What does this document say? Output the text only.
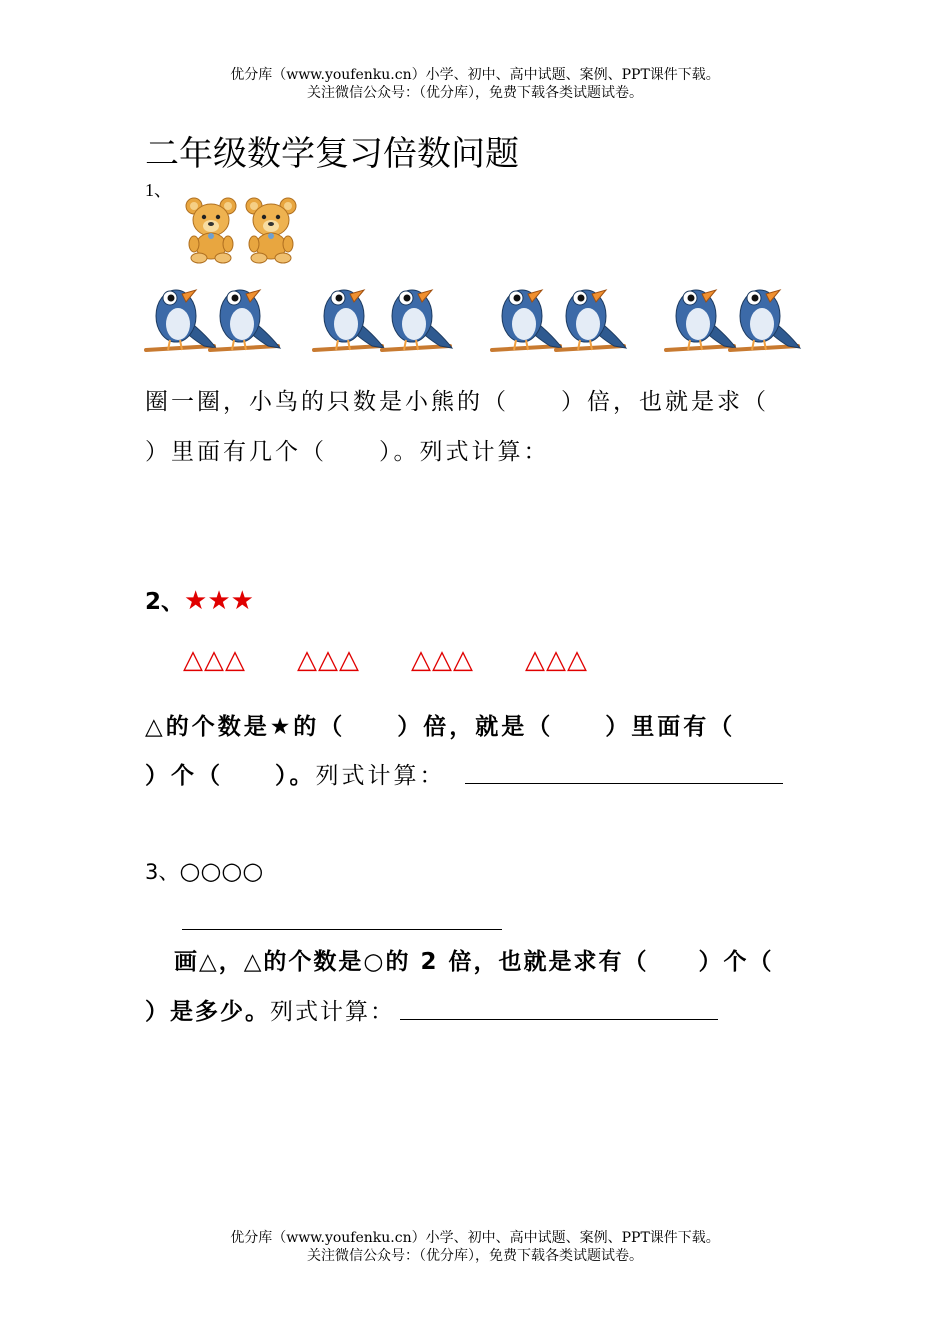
优分库（www.youfenku.cn）小学、初中、高中试题、案例、PPT课件下载。
关注微信公众号：（优分库），免费下载各类试题试卷。
二年级数学复习倍数问题
1、
圈一圈，小鸟的只数是小熊的（　　）倍，也就是求（
）里面有几个（　　）。列式计算：
2、★★★
△△△ △△△ △△△ △△△
△的个数是★的（　　）倍，就是（　　）里面有（
）个（　　）。列式计算：
3、○○○○
画△，△的个数是○的 2 倍，也就是求有（　　）个（
）是多少。列式计算：
优分库（www.youfenku.cn）小学、初中、高中试题、案例、PPT课件下载。
关注微信公众号：（优分库），免费下载各类试题试卷。
